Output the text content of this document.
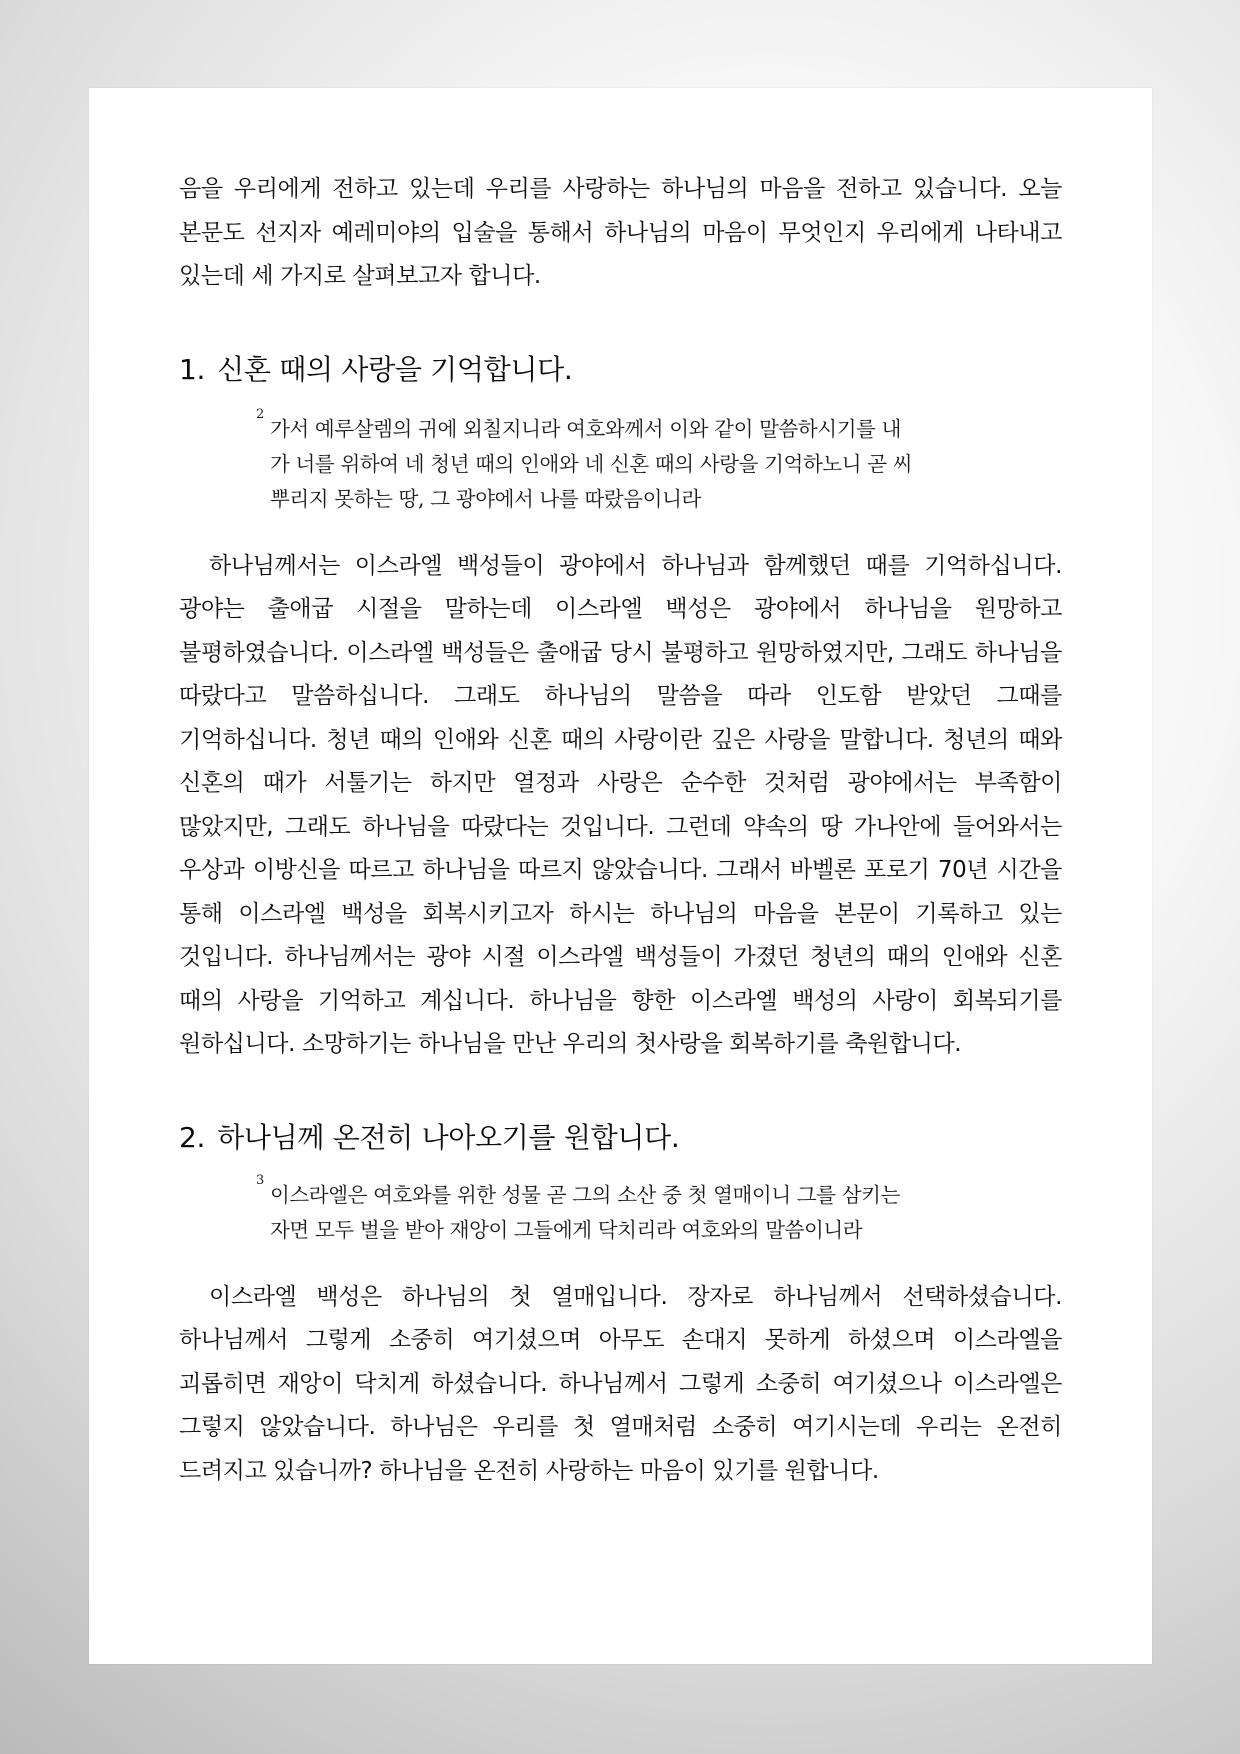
음을 우리에게 전하고 있는데 우리를 사랑하는 하나님의 마음을 전하고 있습니다. 오늘 본문도 선지자 예레미야의 입술을 통해서 하나님의 마음이 무엇인지 우리에게 나타내고 있는데 세 가지로 살펴보고자 합니다.

1. 신혼 때의 사랑을 기억합니다.
2
가서 예루살렘의 귀에 외칠지니라 여호와께서 이와 같이 말씀하시기를 내
가 너를 위하여 네 청년 때의 인애와 네 신혼 때의 사랑을 기억하노니 곧 씨
뿌리지 못하는 땅, 그 광야에서 나를 따랐음이니라

하나님께서는 이스라엘 백성들이 광야에서 하나님과 함께했던 때를 기억하십니다. 광야는 출애굽 시절을 말하는데 이스라엘 백성은 광야에서 하나님을 원망하고 불평하였습니다. 이스라엘 백성들은 출애굽 당시 불평하고 원망하였지만, 그래도 하나님을 따랐다고 말씀하십니다. 그래도 하나님의 말씀을 따라 인도함 받았던 그때를 기억하십니다. 청년 때의 인애와 신혼 때의 사랑이란 깊은 사랑을 말합니다. 청년의 때와 신혼의 때가 서툴기는 하지만 열정과 사랑은 순수한 것처럼 광야에서는 부족함이 많았지만, 그래도 하나님을 따랐다는 것입니다. 그런데 약속의 땅 가나안에 들어와서는 우상과 이방신을 따르고 하나님을 따르지 않았습니다. 그래서 바벨론 포로기 70년 시간을 통해 이스라엘 백성을 회복시키고자 하시는 하나님의 마음을 본문이 기록하고 있는 것입니다. 하나님께서는 광야 시절 이스라엘 백성들이 가졌던 청년의 때의 인애와 신혼 때의 사랑을 기억하고 계십니다. 하나님을 향한 이스라엘 백성의 사랑이 회복되기를 원하십니다. 소망하기는 하나님을 만난 우리의 첫사랑을 회복하기를 축원합니다.

2. 하나님께 온전히 나아오기를 원합니다.
3
이스라엘은 여호와를 위한 성물 곧 그의 소산 중 첫 열매이니 그를 삼키는
자면 모두 벌을 받아 재앙이 그들에게 닥치리라 여호와의 말씀이니라

이스라엘 백성은 하나님의 첫 열매입니다. 장자로 하나님께서 선택하셨습니다. 하나님께서 그렇게 소중히 여기셨으며 아무도 손대지 못하게 하셨으며 이스라엘을 괴롭히면 재앙이 닥치게 하셨습니다. 하나님께서 그렇게 소중히 여기셨으나 이스라엘은 그렇지 않았습니다. 하나님은 우리를 첫 열매처럼 소중히 여기시는데 우리는 온전히 드려지고 있습니까? 하나님을 온전히 사랑하는 마음이 있기를 원합니다.
